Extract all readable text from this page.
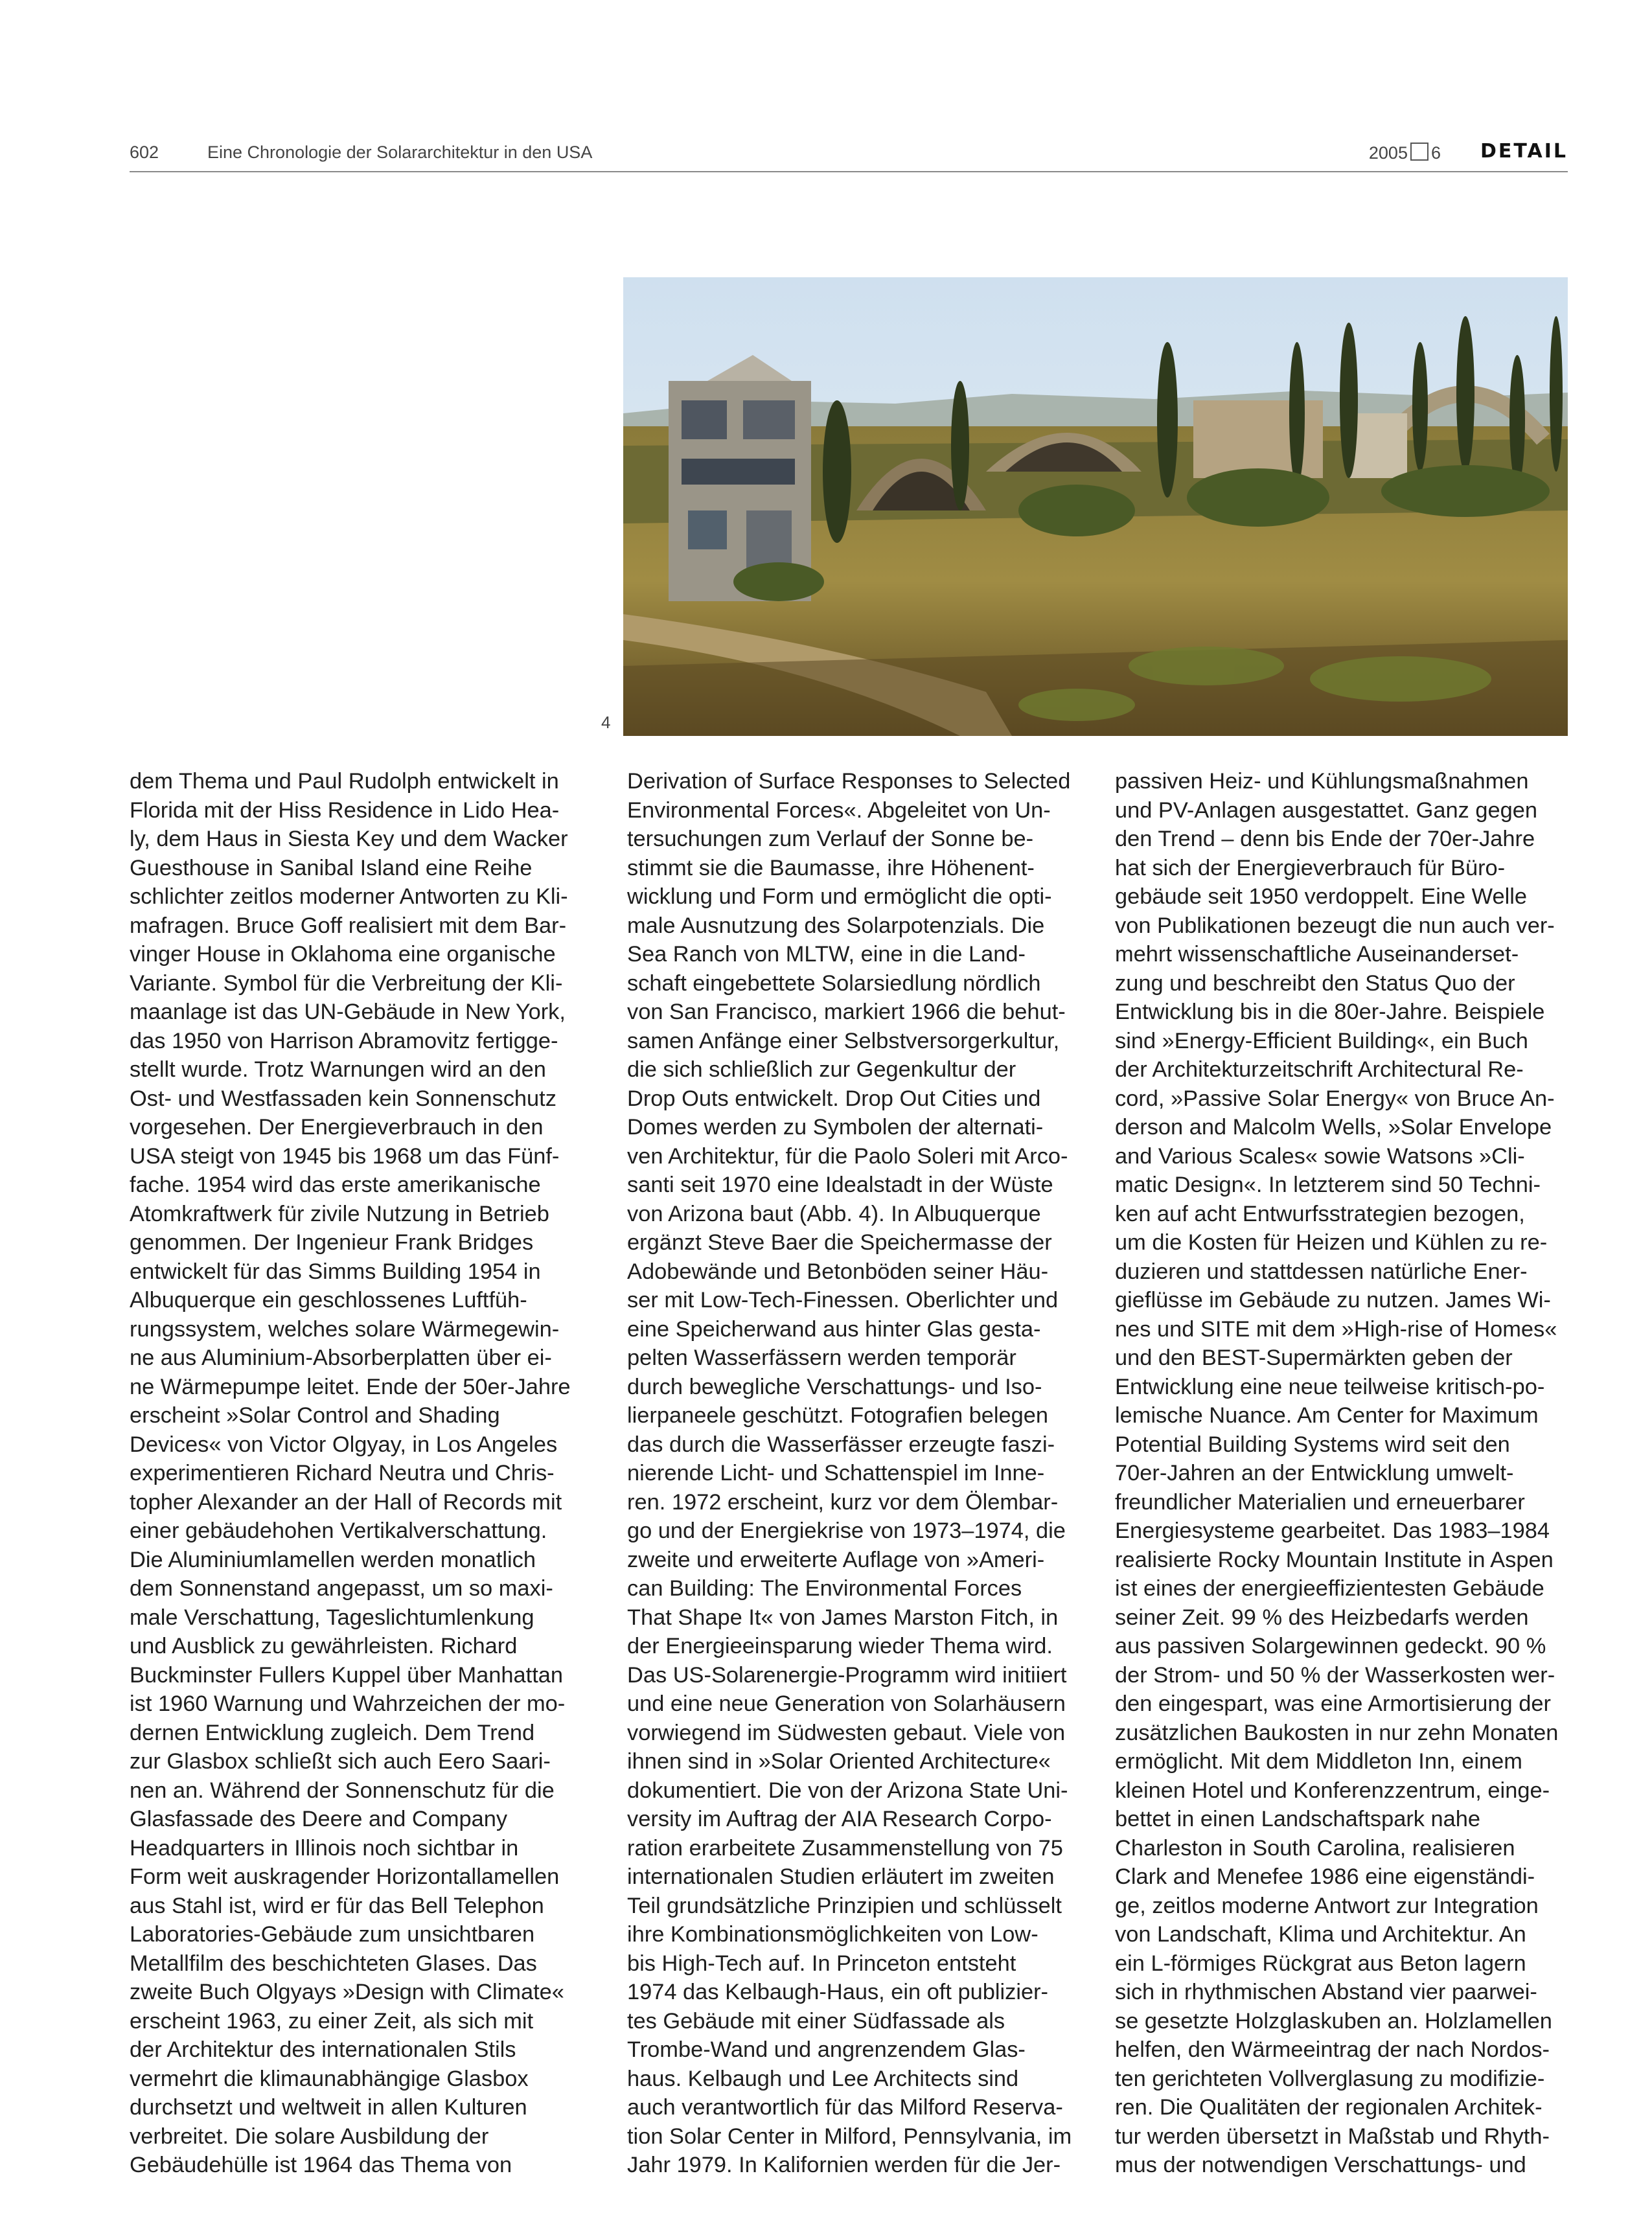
602	Eine Chronologie der Solararchitektur in den USA	2005 6 DETAIL
4
dem Thema und Paul Rudolph entwickelt in
Florida mit der Hiss Residence in Lido Hea-
ly, dem Haus in Siesta Key und dem Wacker
Guesthouse in Sanibal Island eine Reihe
schlichter zeitlos moderner Antworten zu Kli-
mafragen. Bruce Goff realisiert mit dem Bar-
vinger House in Oklahoma eine organische
Variante. Symbol für die Verbreitung der Kli-
maanlage ist das UN-Gebäude in New York,
das 1950 von Harrison Abramovitz fertigge-
stellt wurde. Trotz Warnungen wird an den
Ost- und Westfassaden kein Sonnenschutz
vorgesehen. Der Energieverbrauch in den
USA steigt von 1945 bis 1968 um das Fünf-
fache. 1954 wird das erste amerikanische
Atomkraftwerk für zivile Nutzung in Betrieb
genommen. Der Ingenieur Frank Bridges
entwickelt für das Simms Building 1954 in
Albuquerque ein geschlossenes Luftfüh-
rungssystem, welches solare Wärmegewin-
ne aus Aluminium-Absorberplatten über ei-
ne Wärmepumpe leitet. Ende der 50er-Jahre
erscheint »Solar Control and Shading
Devices« von Victor Olgyay, in Los Angeles
experimentieren Richard Neutra und Chris-
topher Alexander an der Hall of Records mit
einer gebäudehohen Vertikalverschattung.
Die Aluminiumlamellen werden monatlich
dem Sonnenstand angepasst, um so maxi-
male Verschattung, Tageslichtumlenkung
und Ausblick zu gewährleisten. Richard
Buckminster Fullers Kuppel über Manhattan
ist 1960 Warnung und Wahrzeichen der mo-
dernen Entwicklung zugleich. Dem Trend
zur Glasbox schließt sich auch Eero Saari-
nen an. Während der Sonnenschutz für die
Glasfassade des Deere and Company
Headquarters in Illinois noch sichtbar in
Form weit auskragender Horizontallamellen
aus Stahl ist, wird er für das Bell Telephon
Laboratories-Gebäude zum unsichtbaren
Metallfilm des beschichteten Glases. Das
zweite Buch Olgyays »Design with Climate«
erscheint 1963, zu einer Zeit, als sich mit
der Architektur des internationalen Stils
vermehrt die klimaunabhängige Glasbox
durchsetzt und weltweit in allen Kulturen
verbreitet. Die solare Ausbildung der
Gebäudehülle ist 1964 das Thema von
Derivation of Surface Responses to Selected
Environmental Forces«. Abgeleitet von Un-
tersuchungen zum Verlauf der Sonne be-
stimmt sie die Baumasse, ihre Höhenent-
wicklung und Form und ermöglicht die opti-
male Ausnutzung des Solarpotenzials. Die
Sea Ranch von MLTW, eine in die Land-
schaft eingebettete Solarsiedlung nördlich
von San Francisco, markiert 1966 die behut-
samen Anfänge einer Selbstversorgerkultur,
die sich schließlich zur Gegenkultur der
Drop Outs entwickelt. Drop Out Cities und
Domes werden zu Symbolen der alternati-
ven Architektur, für die Paolo Soleri mit Arco-
santi seit 1970 eine Idealstadt in der Wüste
von Arizona baut (Abb. 4). In Albuquerque
ergänzt Steve Baer die Speichermasse der
Adobewände und Betonböden seiner Häu-
ser mit Low-Tech-Finessen. Oberlichter und
eine Speicherwand aus hinter Glas gesta-
pelten Wasserfässern werden temporär
durch bewegliche Verschattungs- und Iso-
lierpaneele geschützt. Fotografien belegen
das durch die Wasserfässer erzeugte faszi-
nierende Licht- und Schattenspiel im Inne-
ren. 1972 erscheint, kurz vor dem Ölembar-
go und der Energiekrise von 1973–1974, die
zweite und erweiterte Auflage von »Ameri-
can Building: The Environmental Forces
That Shape It« von James Marston Fitch, in
der Energieeinsparung wieder Thema wird.
Das US-Solarenergie-Programm wird initiiert
und eine neue Generation von Solarhäusern
vorwiegend im Südwesten gebaut. Viele von
ihnen sind in »Solar Oriented Architecture«
dokumentiert. Die von der Arizona State Uni-
versity im Auftrag der AIA Research Corpo-
ration erarbeitete Zusammenstellung von 75
internationalen Studien erläutert im zweiten
Teil grundsätzliche Prinzipien und schlüsselt
ihre Kombinationsmöglichkeiten von Low-
bis High-Tech auf. In Princeton entsteht
1974 das Kelbaugh-Haus, ein oft publizier-
tes Gebäude mit einer Südfassade als
Trombe-Wand und angrenzendem Glas-
haus. Kelbaugh und Lee Architects sind
auch verantwortlich für das Milford Reserva-
tion Solar Center in Milford, Pennsylvania, im
Jahr 1979. In Kalifornien werden für die Jer-
passiven Heiz- und Kühlungsmaßnahmen
und PV-Anlagen ausgestattet. Ganz gegen
den Trend – denn bis Ende der 70er-Jahre
hat sich der Energieverbrauch für Büro-
gebäude seit 1950 verdoppelt. Eine Welle
von Publikationen bezeugt die nun auch ver-
mehrt wissenschaftliche Auseinanderset-
zung und beschreibt den Status Quo der
Entwicklung bis in die 80er-Jahre. Beispiele
sind »Energy-Efficient Building«, ein Buch
der Architekturzeitschrift Architectural Re-
cord, »Passive Solar Energy« von Bruce An-
derson and Malcolm Wells, »Solar Envelope
and Various Scales« sowie Watsons »Cli-
matic Design«. In letzterem sind 50 Techni-
ken auf acht Entwurfsstrategien bezogen,
um die Kosten für Heizen und Kühlen zu re-
duzieren und stattdessen natürliche Ener-
gieflüsse im Gebäude zu nutzen. James Wi-
nes und SITE mit dem »High-rise of Homes«
und den BEST-Supermärkten geben der
Entwicklung eine neue teilweise kritisch-po-
lemische Nuance. Am Center for Maximum
Potential Building Systems wird seit den
70er-Jahren an der Entwicklung umwelt-
freundlicher Materialien und erneuerbarer
Energiesysteme gearbeitet. Das 1983–1984
realisierte Rocky Mountain Institute in Aspen
ist eines der energieeffizientesten Gebäude
seiner Zeit. 99 % des Heizbedarfs werden
aus passiven Solargewinnen gedeckt. 90 %
der Strom- und 50 % der Wasserkosten wer-
den eingespart, was eine Armortisierung der
zusätzlichen Baukosten in nur zehn Monaten
ermöglicht. Mit dem Middleton Inn, einem
kleinen Hotel und Konferenzzentrum, einge-
bettet in einen Landschaftspark nahe
Charleston in South Carolina, realisieren
Clark and Menefee 1986 eine eigenständi-
ge, zeitlos moderne Antwort zur Integration
von Landschaft, Klima und Architektur. An
ein L-förmiges Rückgrat aus Beton lagern
sich in rhythmischen Abstand vier paarwei-
se gesetzte Holzglaskuben an. Holzlamellen
helfen, den Wärmeeintrag der nach Nordos-
ten gerichteten Vollverglasung zu modifizie-
ren. Die Qualitäten der regionalen Architek-
tur werden übersetzt in Maßstab und Rhyth-
mus der notwendigen Verschattungs- und
